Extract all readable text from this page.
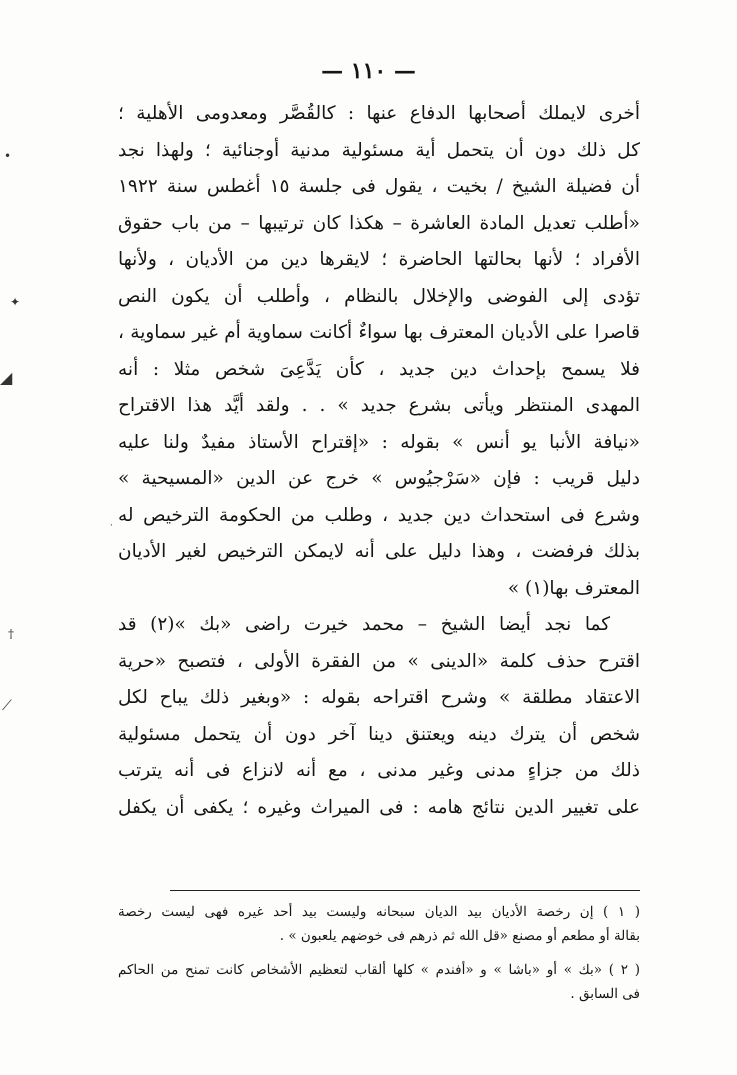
— ١١٠ —
أخرى لايملك أصحابها الدفاع عنها : كالقُصَّر ومعدومى الأهلية ؛
كل ذلك دون أن يتحمل أية مسئولية مدنية أوجنائية ؛ ولهذا نجد
أن فضيلة الشيخ / بخيت ، يقول فى جلسة ١٥ أغطس سنة ١٩٢٢
«أطلب تعديل المادة العاشرة – هكذا كان ترتيبها – من باب حقوق
الأفراد ؛ لأنها بحالتها الحاضرة ؛ لايقرها دين من الأديان ، ولأنها
تؤدى إلى الفوضى والإخلال بالنظام ، وأطلب أن يكون النص
قاصرا على الأديان المعترف بها سواءٌ أكانت سماوية أم غير سماوية ،
فلا يسمح بإحداث دين جديد ، كأن يَدَّعِىَ شخص مثلا : أنه
المهدى المنتظر ويأتى بشرع جديد » . . ولقد أيَّد هذا الاقتراح
«نيافة الأنبا يو أنس » بقوله : «إقتراح الأستاذ مفيدٌ ولنا عليه
دليل قريب : فإن «سَرْجيُوس » خرج عن الدين «المسيحية »
وشرع فى استحداث دين جديد ، وطلب من الحكومة الترخيص له
بذلك فرفضت ، وهذا دليل على أنه لايمكن الترخيص لغير الأديان
المعترف بها(١) »
كما نجد أيضا الشيخ – محمد خيرت راضى «بك »(٢) قد
اقترح حذف كلمة «الدينى » من الفقرة الأولى ، فتصبح «حرية
الاعتقاد مطلقة » وشرح اقتراحه بقوله : «وبغير ذلك يباح لكل
شخص أن يترك دينه ويعتنق دينا آخر دون أن يتحمل مسئولية
ذلك من جزاءٍ مدنى وغير مدنى ، مع أنه لانزاع فى أنه يترتب
على تغيير الدين نتائج هامه : فى الميراث وغيره ؛ يكفى أن يكفل
( ١ ) إن رخصة الأديان بيد الديان سبحانه وليست بيد أحد غيره فهى ليست رخصة
بقالة أو مطعم أو مصنع «قل الله ثم ذرهم فى خوضهم يلعبون » .
( ٢ ) «بك » أو «باشا » و «أفندم » كلها ألقاب لتعظيم الأشخاص كانت تمنح من الحاكم
فى السابق .
•
✦
◢
†
⟋
·
